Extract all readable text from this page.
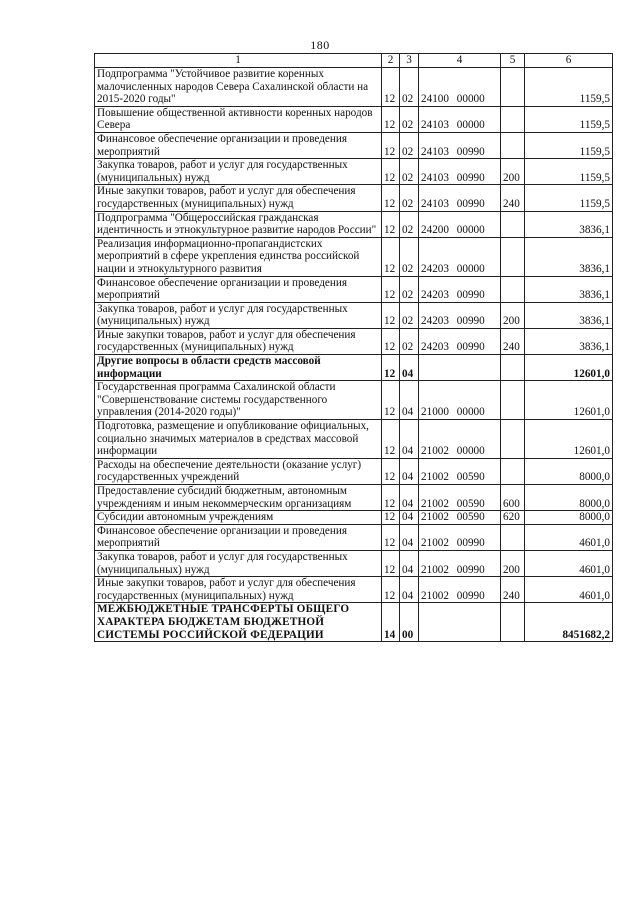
180
1	2	3	4	5	6
Подпрограмма "Устойчивое развитие коренных малочисленных народов Севера Сахалинской области на 2015-2020 годы"	12	02	24100 00000		1159,5
Повышение общественной активности коренных народов Севера	12	02	24103 00000		1159,5
Финансовое обеспечение организации и проведения мероприятий	12	02	24103 00990		1159,5
Закупка товаров, работ и услуг для государственных (муниципальных) нужд	12	02	24103 00990	200	1159,5
Иные закупки товаров, работ и услуг для обеспечения государственных (муниципальных) нужд	12	02	24103 00990	240	1159,5
Подпрограмма "Общероссийская гражданская идентичность и этнокультурное развитие народов России"	12	02	24200 00000		3836,1
Реализация информационно-пропагандистских мероприятий в сфере укрепления единства российской нации и этнокультурного развития	12	02	24203 00000		3836,1
Финансовое обеспечение организации и проведения мероприятий	12	02	24203 00990		3836,1
Закупка товаров, работ и услуг для государственных (муниципальных) нужд	12	02	24203 00990	200	3836,1
Иные закупки товаров, работ и услуг для обеспечения государственных (муниципальных) нужд	12	02	24203 00990	240	3836,1
Другие вопросы в области средств массовой информации	12	04			12601,0
Государственная программа Сахалинской области "Совершенствование системы государственного управления (2014-2020 годы)"	12	04	21000 00000		12601,0
Подготовка, размещение и опубликование официальных, социально значимых материалов в средствах массовой информации	12	04	21002 00000		12601,0
Расходы на обеспечение деятельности (оказание услуг) государственных учреждений	12	04	21002 00590		8000,0
Предоставление субсидий бюджетным, автономным учреждениям и иным некоммерческим организациям	12	04	21002 00590	600	8000,0
Субсидии автономным учреждениям	12	04	21002 00590	620	8000,0
Финансовое обеспечение организации и проведения мероприятий	12	04	21002 00990		4601,0
Закупка товаров, работ и услуг для государственных (муниципальных) нужд	12	04	21002 00990	200	4601,0
Иные закупки товаров, работ и услуг для обеспечения государственных (муниципальных) нужд	12	04	21002 00990	240	4601,0
МЕЖБЮДЖЕТНЫЕ ТРАНСФЕРТЫ ОБЩЕГО ХАРАКТЕРА БЮДЖЕТАМ БЮДЖЕТНОЙ СИСТЕМЫ РОССИЙСКОЙ ФЕДЕРАЦИИ	14	00			8451682,2
